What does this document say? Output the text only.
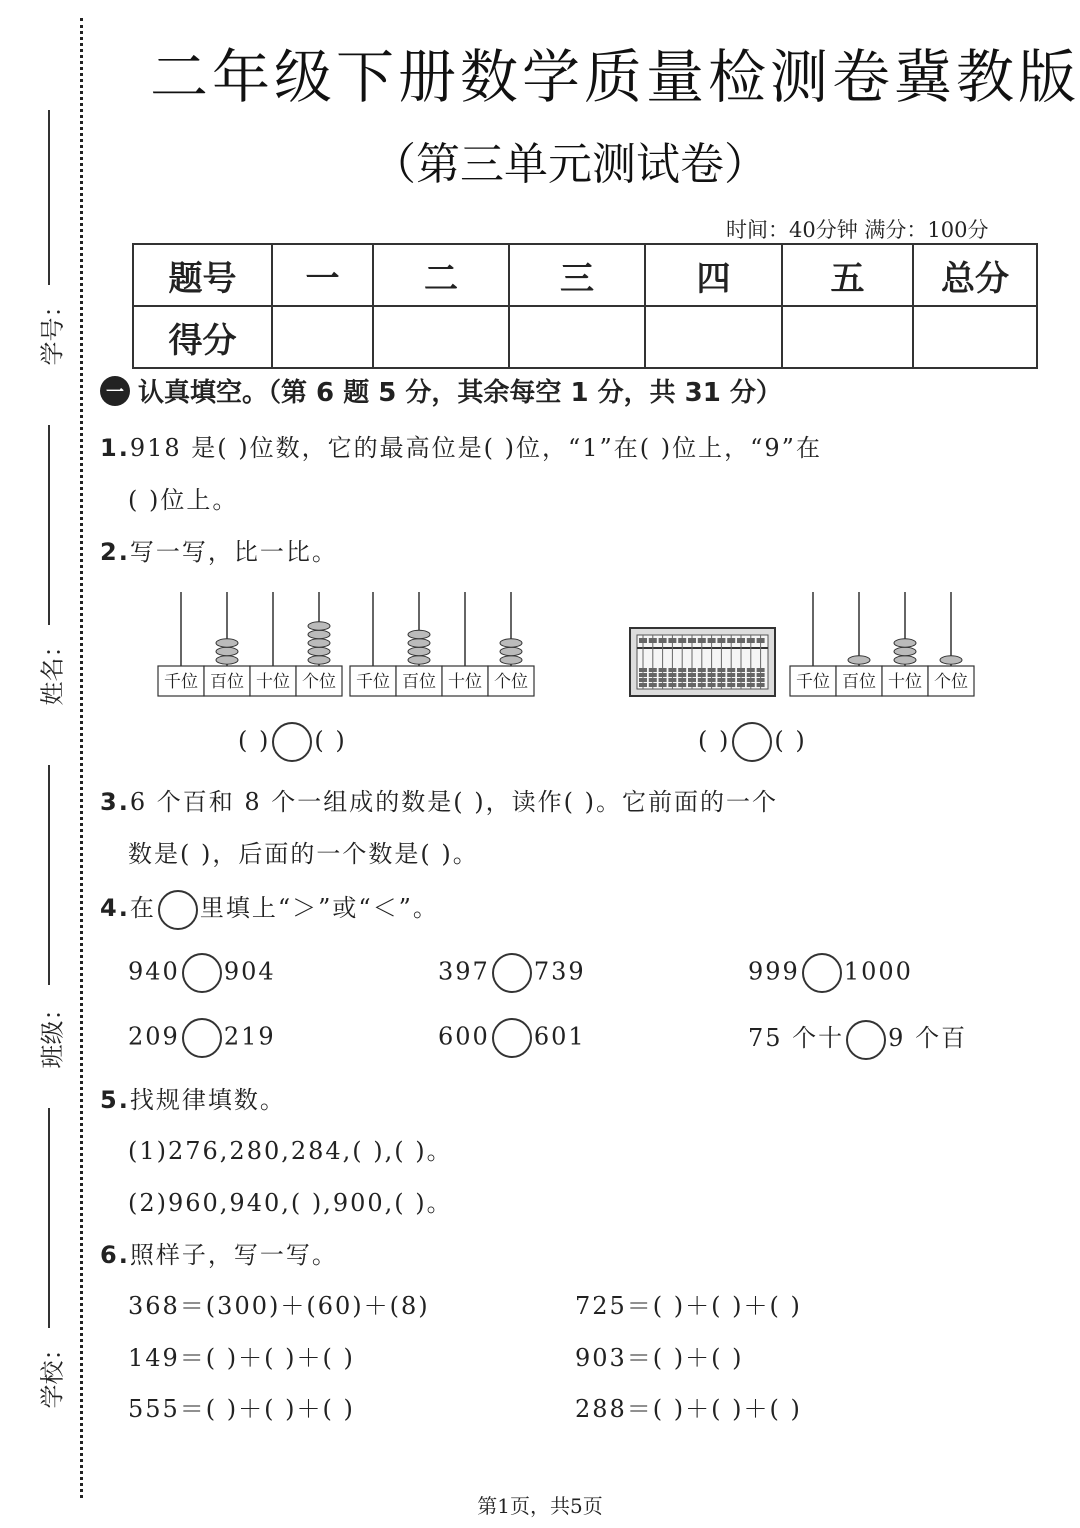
学号：
姓名：
班级：
学校：
二年级下册数学质量检测卷冀教版
（第三单元测试卷）
时间：40分钟 满分：100分
题号	一	二	三	四	五	总分
得分						
一 认真填空。（第 6 题 5 分，其余每空 1 分，共 31 分）
1.918 是( )位数，它的最高位是( )位，“1”在( )位上，“9”在
( )位上。
2.写一写，比一比。
千位 百位 十位 个位 千位 百位 十位 个位	千位 百位 十位 个位
( ) ( )	( ) ( )
3.6 个百和 8 个一组成的数是( )，读作( )。它前面的一个
数是( )，后面的一个数是( )。
4.在 里填上“＞”或“＜”。
940 904	397 739	999 1000
209 219	600 601	75 个十 9 个百
5.找规律填数。
(1)276,280,284,( ),( )。
(2)960,940,( ),900,( )。
6.照样子，写一写。
368＝(300)＋(60)＋(8)	725＝( )＋( )＋( )
149＝( )＋( )＋( )	903＝( )＋( )
555＝( )＋( )＋( )	288＝( )＋( )＋( )
第1页，共5页
